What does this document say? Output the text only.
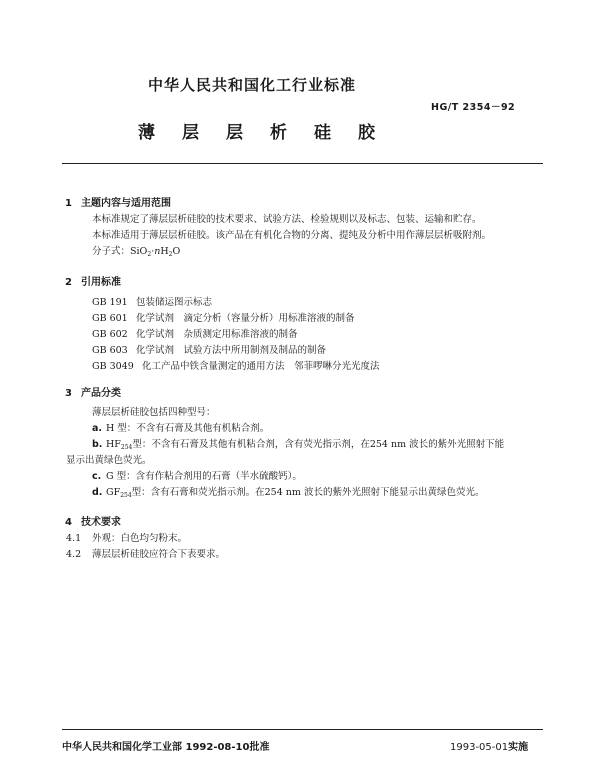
中华人民共和国化工行业标准
HG/T 2354－92
薄 层 层 析 硅 胶
1 主题内容与适用范围
本标准规定了薄层层析硅胶的技术要求、试验方法、检验规则以及标志、包装、运输和贮存。
本标准适用于薄层层析硅胶。该产品在有机化合物的分离、提纯及分析中用作薄层层析吸附剂。
分子式：$SiO_2\cdot nH_2O$
2 引用标准
GB 191 包装储运图示标志
GB 601 化学试剂　滴定分析（容量分析）用标准溶液的制备
GB 602 化学试剂　杂质测定用标准溶液的制备
GB 603 化学试剂　试验方法中所用制剂及制品的制备
GB 3049 化工产品中铁含量测定的通用方法　邻菲啰啉分光光度法
3 产品分类
薄层层析硅胶包括四种型号：
a. H 型：不含有石膏及其他有机粘合剂。
b. $HF_{254}$型：不含有石膏及其他有机粘合剂，含有荧光指示剂，在254 nm 波长的紫外光照射下能
显示出黄绿色荧光。
c. G 型：含有作粘合剂用的石膏（半水硫酸钙）。
d. $GF_{254}$型：含有石膏和荧光指示剂。在254 nm 波长的紫外光照射下能显示出黄绿色荧光。
4 技术要求
4.1 外观：白色均匀粉末。
4.2 薄层层析硅胶应符合下表要求。
中华人民共和国化学工业部 1992-08-10批准	1993-05-01实施
